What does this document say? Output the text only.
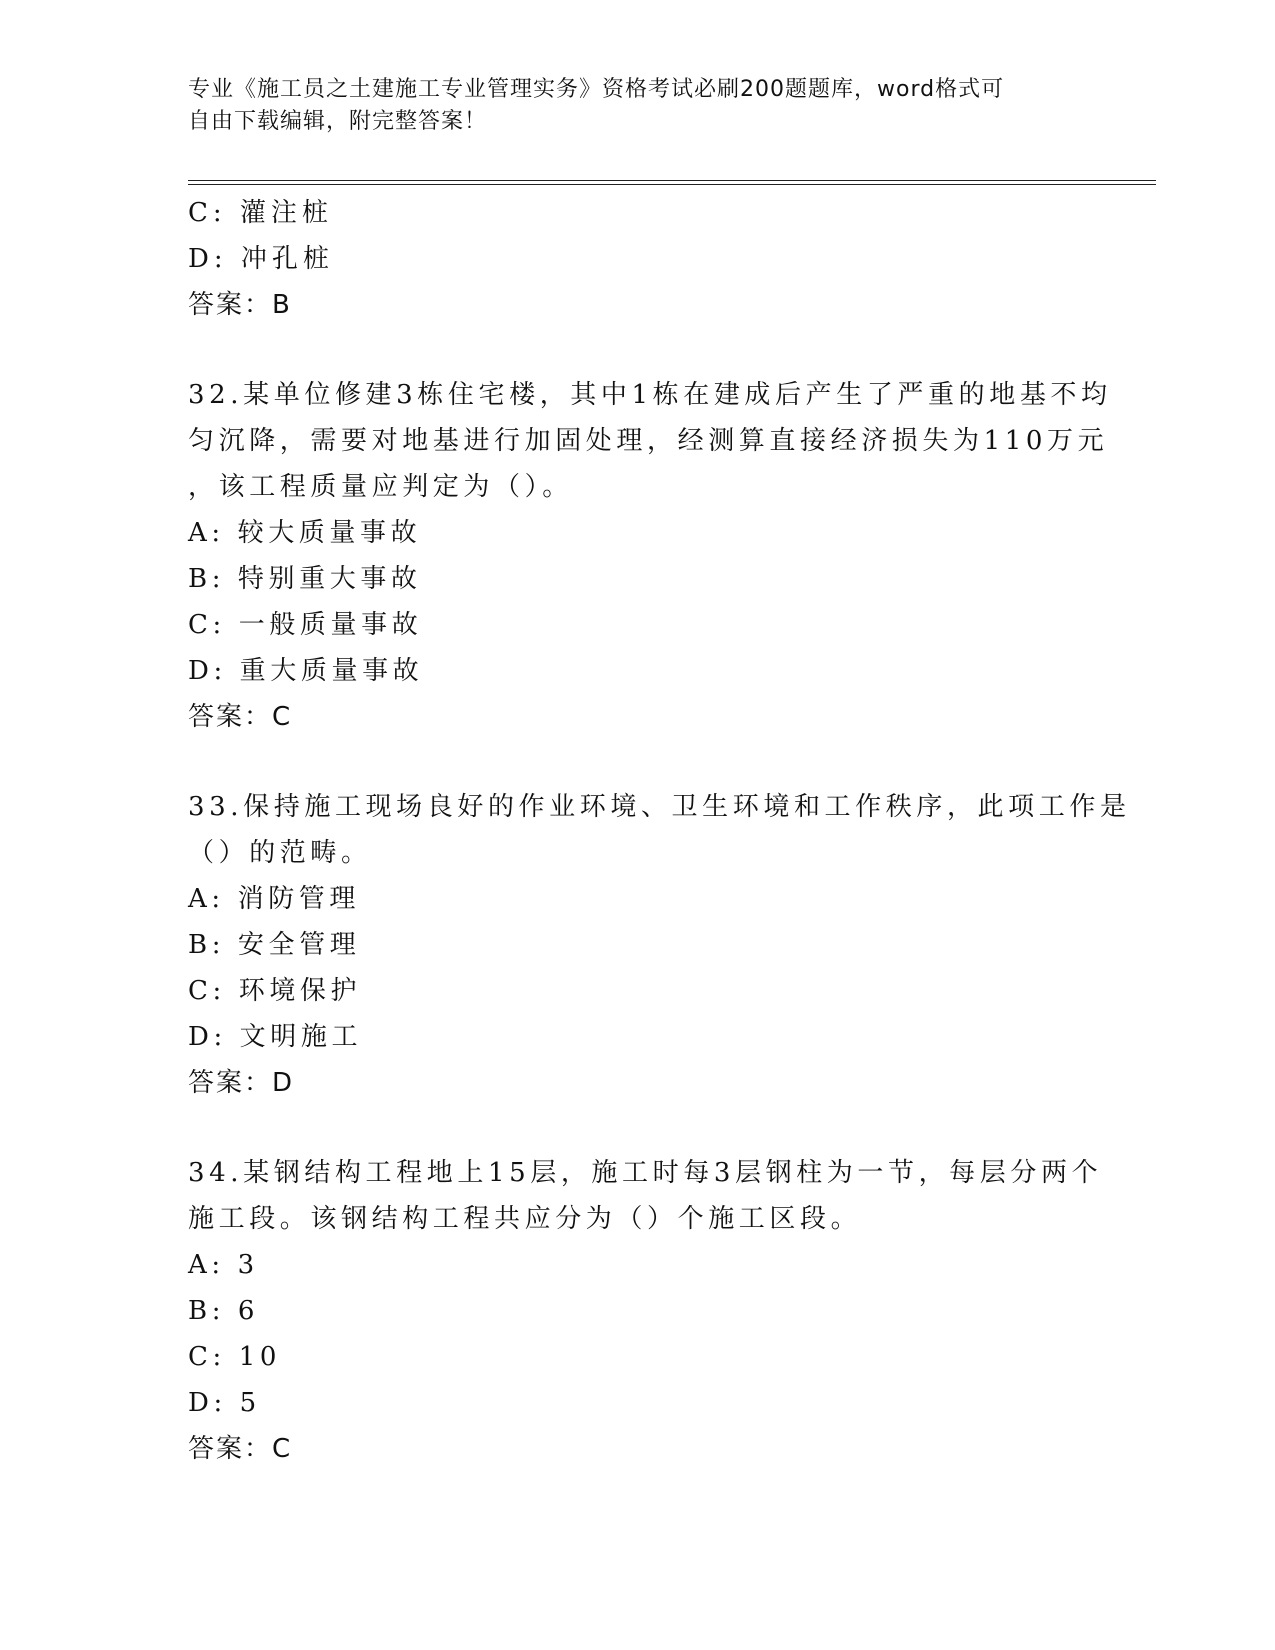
专业《施工员之土建施工专业管理实务》资格考试必刷200题题库，word格式可
自由下载编辑，附完整答案！
C: 灌注桩
D: 冲孔桩
答案：B
32.某单位修建3栋住宅楼，其中1栋在建成后产生了严重的地基不均
匀沉降，需要对地基进行加固处理，经测算直接经济损失为110万元
，该工程质量应判定为（）。
A: 较大质量事故
B: 特别重大事故
C: 一般质量事故
D: 重大质量事故
答案：C
33.保持施工现场良好的作业环境、卫生环境和工作秩序，此项工作是
（）的范畴。
A: 消防管理
B: 安全管理
C: 环境保护
D: 文明施工
答案：D
34.某钢结构工程地上15层，施工时每3层钢柱为一节，每层分两个
施工段。该钢结构工程共应分为（）个施工区段。
A: 3
B: 6
C: 10
D: 5
答案：C
